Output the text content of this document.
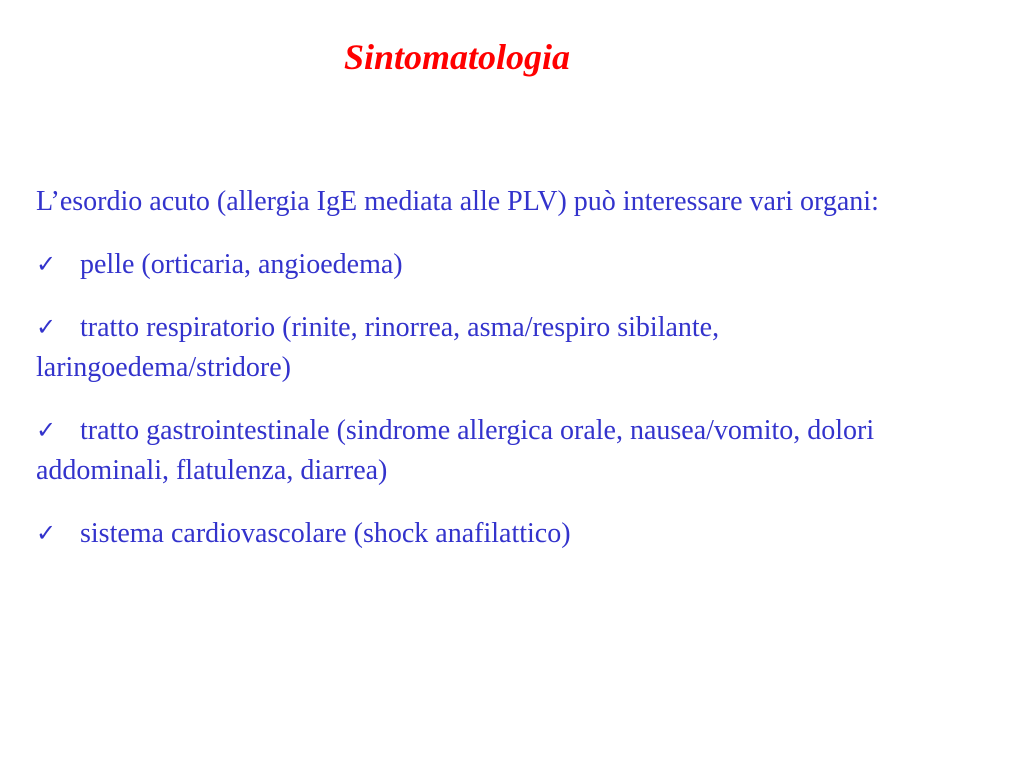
Sintomatologia

L’esordio acuto (allergia IgE mediata alle PLV) può interessare vari organi:

✓ pelle (orticaria, angioedema)

✓ tratto respiratorio (rinite, rinorrea, asma/respiro sibilante, laringoedema/stridore)

✓ tratto gastrointestinale (sindrome allergica orale, nausea/vomito, dolori addominali, flatulenza, diarrea)

✓ sistema cardiovascolare (shock anafilattico)
